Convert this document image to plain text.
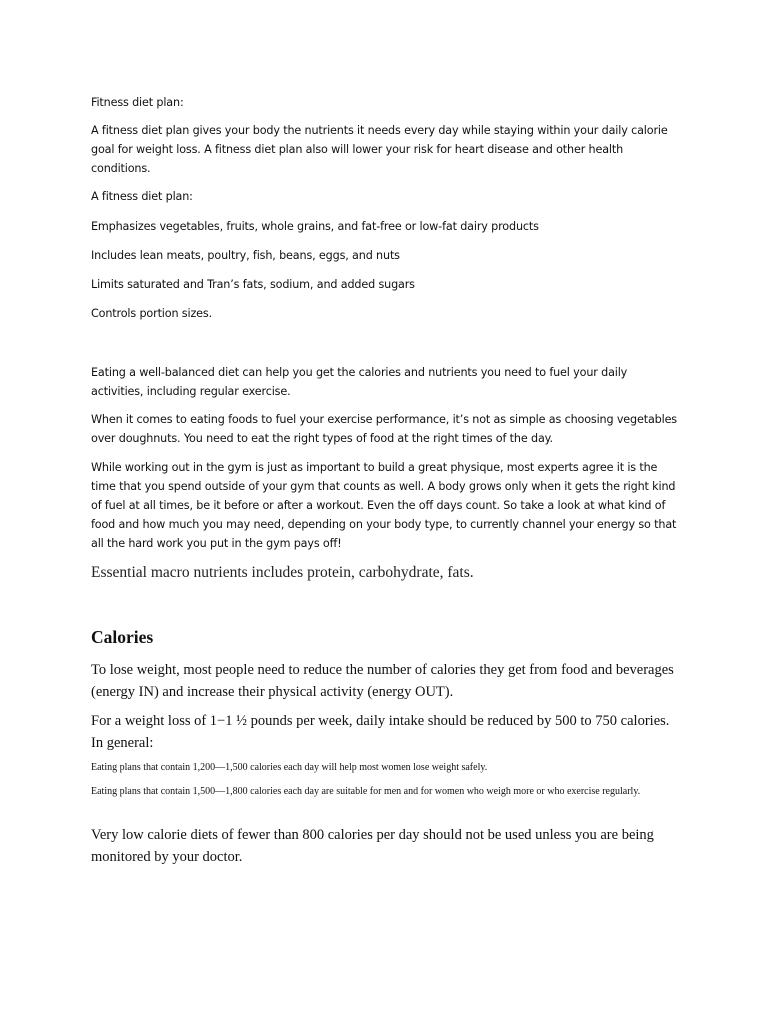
Fitness diet plan:
A fitness diet plan gives your body the nutrients it needs every day while staying within your daily calorie goal for weight loss. A fitness diet plan also will lower your risk for heart disease and other health conditions.
A fitness diet plan:
Emphasizes vegetables, fruits, whole grains, and fat-free or low-fat dairy products
Includes lean meats, poultry, fish, beans, eggs, and nuts
Limits saturated and Tran’s fats, sodium, and added sugars
Controls portion sizes.
Eating a well-balanced diet can help you get the calories and nutrients you need to fuel your daily activities, including regular exercise.
When it comes to eating foods to fuel your exercise performance, it’s not as simple as choosing vegetables over doughnuts. You need to eat the right types of food at the right times of the day.
While working out in the gym is just as important to build a great physique, most experts agree it is the time that you spend outside of your gym that counts as well. A body grows only when it gets the right kind of fuel at all times, be it before or after a workout. Even the off days count. So take a look at what kind of food and how much you may need, depending on your body type, to currently channel your energy so that all the hard work you put in the gym pays off!
Essential macro nutrients includes protein, carbohydrate, fats.
Calories
To lose weight, most people need to reduce the number of calories they get from food and beverages (energy IN) and increase their physical activity (energy OUT).
For a weight loss of 1−1 ½ pounds per week, daily intake should be reduced by 500 to 750 calories. In general:
Eating plans that contain 1,200—1,500 calories each day will help most women lose weight safely.
Eating plans that contain 1,500—1,800 calories each day are suitable for men and for women who weigh more or who exercise regularly.
Very low calorie diets of fewer than 800 calories per day should not be used unless you are being monitored by your doctor.
